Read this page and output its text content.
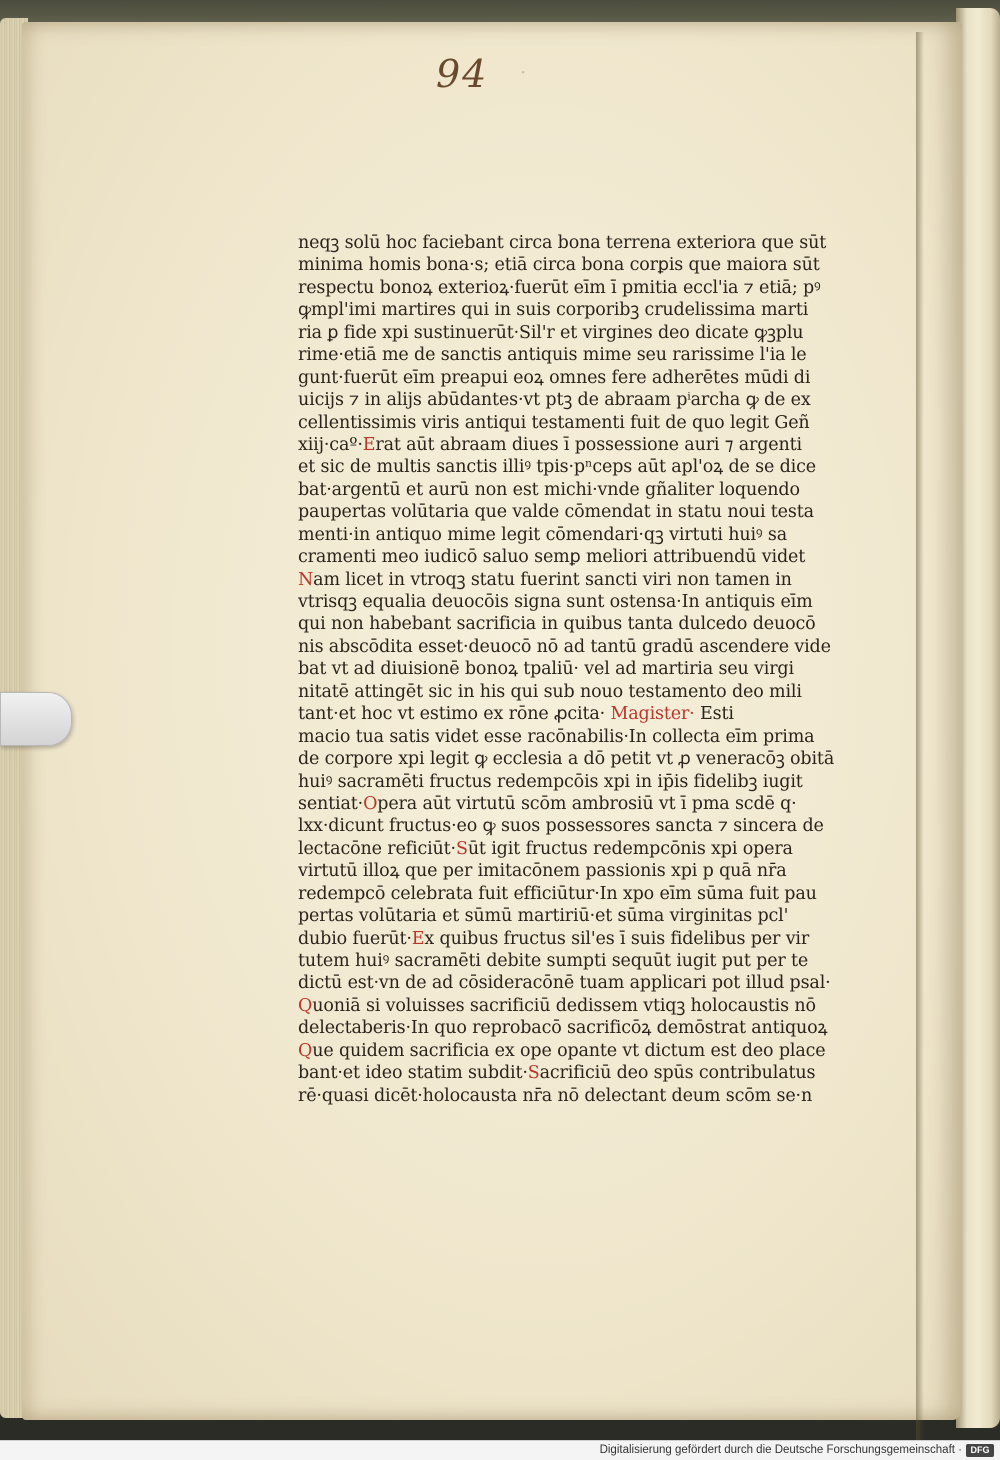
94 ·
neqꝫ solū hoc faciebant circa bona terrena exteriora que sūt
minima homis bona·s; etiā circa bona corꝑis que maiora sūt
respectu bonoꝝ exterioꝝ·fuerūt eīm ī pmitia eccl'ia ⁊ etiā; pꝰ
ꝙmpl'imi martires qui in suis corporibꝫ crudelissima marti
ria ꝑ fide xpi sustinuerūt·Sil'r et virgines deo dicate ꝙꝫplu
rime·etiā me de sanctis antiquis mime seu rarissime l'ia le
gunt·fuerūt eīm preapui eoꝝ omnes fere adherētes mūdi di
uicijs ⁊ in alijs abūdantes·vt ptꝫ de abraam pⁱarcha ꝙ de ex
cellentissimis viris antiqui testamenti fuit de quo legit Geñ
xiij·caº·Erat aūt abraam diues ī possessione auri ⁊ argenti
et sic de multis sanctis illiꝰ tpis·pⁿceps aūt apl'oꝝ de se dice
bat·argentū et aurū non est michi·vnde gñaliter loquendo
paupertas volūtaria que valde cōmendat in statu noui testa
menti·in antiquo mime legit cōmendari·qꝫ virtuti huiꝰ sa
cramenti meo iudicō saluo semꝑ meliori attribuendū videt
Nam licet in vtroqꝫ statu fuerint sancti viri non tamen in
vtrisqꝫ equalia deuocōis signa sunt ostensa·In antiquis eīm
qui non habebant sacrificia in quibus tanta dulcedo deuocō
nis abscōdita esset·deuocō nō ad tantū gradū ascendere vide
bat vt ad diuisionē bonoꝝ tpaliū· vel ad martiria seu virgi
nitatē attingēt sic in his qui sub nouo testamento deo mili
tant·et hoc vt estimo ex rōne ꝓcita· Magister· Esti
macio tua satis videt esse racōnabilis·In collecta eīm prima
de corpore xpi legit ꝙ ecclesia a dō petit vt ꝓ veneracōꝫ obitā
huiꝰ sacramēti fructus redempcōis xpi in ip̄is fidelibꝫ iugit
sentiat·Opera aūt virtutū scōm ambrosiū vt ī pma scdē q·
lxx·dicunt fructus·eo ꝙ suos possessores sancta ⁊ sincera de
lectacōne reficiūt·Sūt igit fructus redempcōnis xpi opera
virtutū illoꝝ que per imitacōnem passionis xpi p quā nr̄a
redempcō celebrata fuit efficiūtur·In xpo eīm sūma fuit pau
pertas volūtaria et sūmū martiriū·et sūma virginitas pcl'
dubio fuerūt·Ex quibus fructus sil'es ī suis fidelibus per vir
tutem huiꝰ sacramēti debite sumpti sequūt iugit put per te
dictū est·vn de ad cōsideracōnē tuam applicari pot illud psal·
Quoniā si voluisses sacrificiū dedissem vtiqꝫ holocaustis nō
delectaberis·In quo reprobacō sacrificōꝝ demōstrat antiquoꝝ
Que quidem sacrificia ex ope opante vt dictum est deo place
bant·et ideo statim subdit·Sacrificiū deo spūs contribulatus
rē·quasi dicēt·holocausta nr̄a nō delectant deum scōm se·n
Digitalisierung gefördert durch die Deutsche Forschungsgemeinschaft · DFG
